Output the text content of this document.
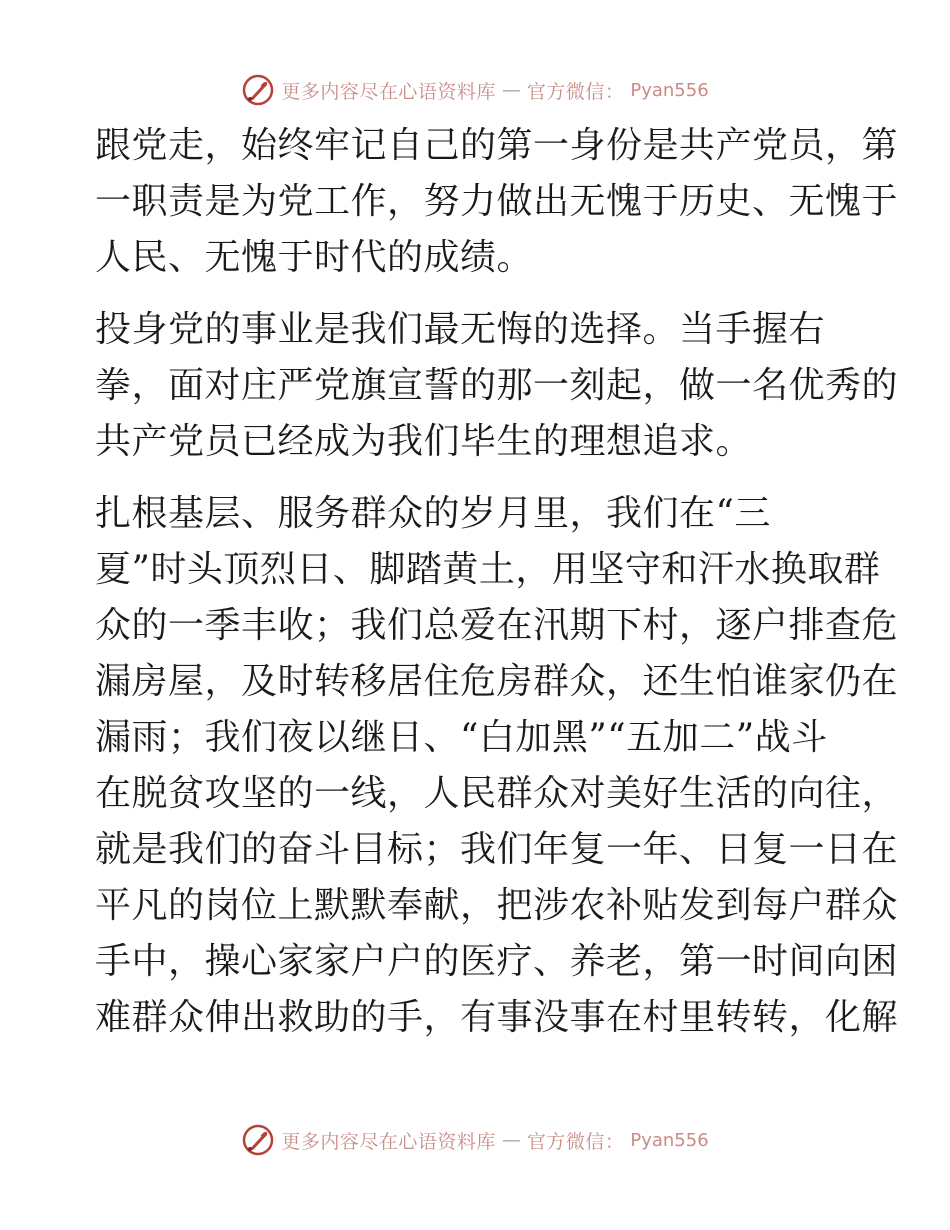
更多内容尽在心语资料库 — 官方微信： Pyan556
跟党走，始终牢记自己的第一身份是共产党员，第
一职责是为党工作，努力做出无愧于历史、无愧于
人民、无愧于时代的成绩。
投身党的事业是我们最无悔的选择。当手握右
拳，面对庄严党旗宣誓的那一刻起，做一名优秀的
共产党员已经成为我们毕生的理想追求。
扎根基层、服务群众的岁月里，我们在“三
夏”时头顶烈日、脚踏黄土，用坚守和汗水换取群
众的一季丰收；我们总爱在汛期下村，逐户排查危
漏房屋，及时转移居住危房群众，还生怕谁家仍在
漏雨；我们夜以继日、“白加黑”“五加二”战斗
在脱贫攻坚的一线，人民群众对美好生活的向往，
就是我们的奋斗目标；我们年复一年、日复一日在
平凡的岗位上默默奉献，把涉农补贴发到每户群众
手中，操心家家户户的医疗、养老，第一时间向困
难群众伸出救助的手，有事没事在村里转转，化解
更多内容尽在心语资料库 — 官方微信： Pyan556
